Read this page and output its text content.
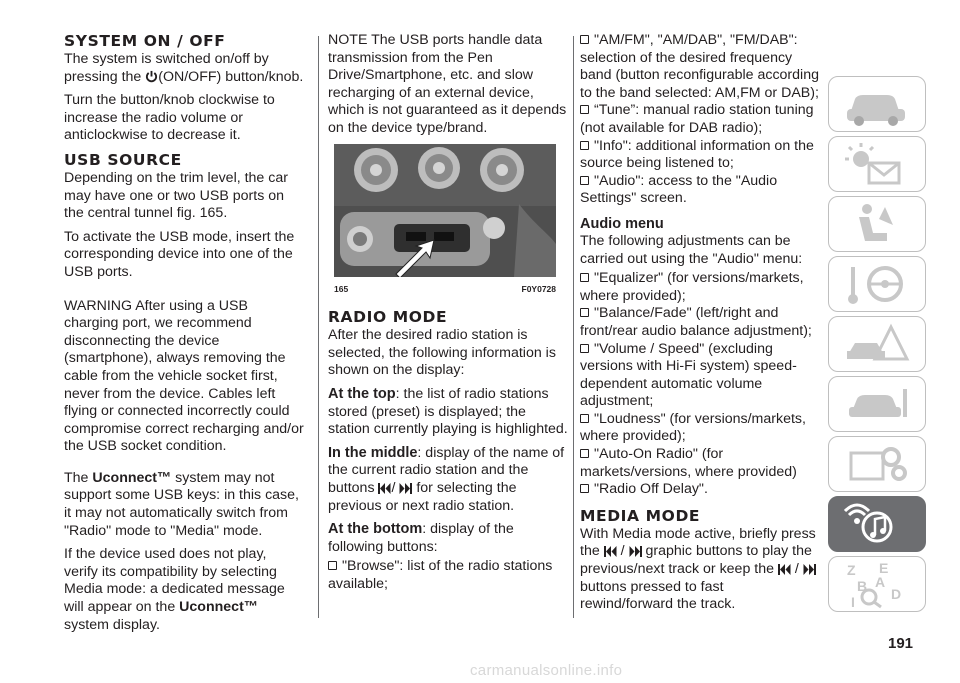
SYSTEM ON / OFF

The system is switched on/off by pressing the (ON/OFF) button/knob.

Turn the button/knob clockwise to increase the radio volume or anticlockwise to decrease it.

USB SOURCE

Depending on the trim level, the car may have one or two USB ports on the central tunnel fig. 165.

To activate the USB mode, insert the corresponding device into one of the USB ports.

WARNING After using a USB charging port, we recommend disconnecting the device (smartphone), always removing the cable from the vehicle socket first, never from the device. Cables left flying or connected incorrectly could compromise correct recharging and/or the USB socket condition.

The Uconnect™ system may not support some USB keys: in this case, it may not automatically switch from "Radio" mode to "Media" mode.

If the device used does not play, verify its compatibility by selecting Media mode: a dedicated message will appear on the Uconnect™ system display.

NOTE The USB ports handle data transmission from the Pen Drive/Smartphone, etc. and slow recharging of an external device, which is not guaranteed as it depends on the device type/brand.

165	F0Y0728
RADIO MODE

After the desired radio station is selected, the following information is shown on the display:

At the top: the list of radio stations stored (preset) is displayed; the station currently playing is highlighted.

In the middle: display of the name of the current radio station and the buttons /  for selecting the previous or next radio station.

At the bottom: display of the following buttons:

"Browse": list of the radio stations available;

"AM/FM", "AM/DAB", "FM/DAB": selection of the desired frequency band (button reconfigurable according to the band selected: AM,FM or DAB);

“Tune”: manual radio station tuning (not available for DAB radio);

"Info": additional information on the source being listened to;

"Audio": access to the "Audio Settings" screen.

Audio menu

The following adjustments can be carried out using the "Audio" menu:

"Equalizer" (for versions/markets, where provided);

"Balance/Fade" (left/right and front/rear audio balance adjustment);

"Volume / Speed" (excluding versions with Hi-Fi system) speed-dependent automatic volume adjustment;

"Loudness" (for versions/markets, where provided);

"Auto-On Radio" (for markets/versions, where provided)

"Radio Off Delay".

MEDIA MODE

With Media mode active, briefly press the  /  graphic buttons to play the previous/next track or keep the  /  buttons pressed to fast rewind/forward the track.

Z E
B A
I	D
191
carmanualsonline.info
